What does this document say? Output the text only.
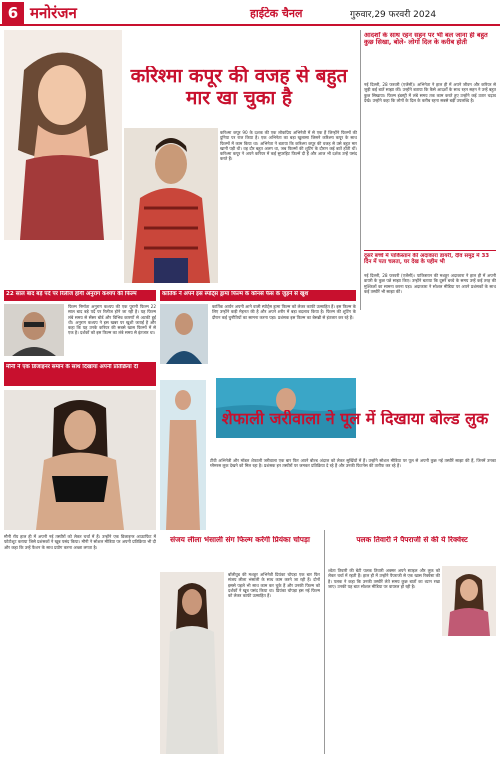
6 मनोरंजन	हाईटेक चैनल	गुरुवार,29 फरवरी 2024
करिश्मा कपूर की वजह से बहुत मार खा चुका है
करिश्मा कपूर 90 के दशक की एक लोकप्रिय अभिनेत्री में से एक हैं जिन्होंने फिल्मों की दुनिया पर राज किया है। एक अभिनेता का बड़ा खुलासा जिसने करिश्मा कपूर के साथ फिल्मों में काम किया था। अभिनेता ने बताया कि करिश्मा कपूर की वजह से उसे बहुत मार खानी पड़ी थी। वह दौर बहुत अलग था, जब फिल्मों की शूटिंग के दौरान कई बातें होती थीं। करिश्मा कपूर ने अपने करियर में कई सुपरहिट फिल्में दी हैं और आज भी दर्शक उन्हें पसंद करते हैं।
आदर्शों के साथ रहन सहन पर भी बल जाना ही बहुत कुछ सिखा, बोले- लोगों दिल के करीब होती
नई दिल्ली, 28 फरवरी (एजेंसी)। अभिनेता ने हाल ही में अपने जीवन और करियर से जुड़ी कई बातें साझा कीं। उन्होंने बताया कि कैसे आदर्शों के साथ रहन सहन ने उन्हें बहुत कुछ सिखाया। फिल्म इंडस्ट्री में लंबे समय तक काम करते हुए उन्होंने कई उतार चढ़ाव देखे। उन्होंने कहा कि लोगों के दिल के करीब रहना सबसे बड़ी उपलब्धि है।
दूसरे बच्चे में पाकिस्तान की अदाकारा डायरी, दीव समुद्र में 33 दिन में पता चलता, घर देख के पहीम भी
नई दिल्ली, 28 फरवरी (एजेंसी)। पाकिस्तान की मशहूर अदाकारा ने हाल ही में अपनी डायरी के कुछ पन्ने साझा किए। उन्होंने बताया कि दूसरे बच्चे के समय उन्हें कई तरह की मुश्किलों का सामना करना पड़ा। अदाकारा ने सोशल मीडिया पर अपने प्रशंसकों के साथ कई तस्वीरें भी साझा कीं।
22 साल बाद बड़े पर्दे पर रिलीज होगी अनुराग कश्यप की फिल्म
फिल्म निर्माता अनुराग कश्यप की एक पुरानी फिल्म 22 साल बाद बड़े पर्दे पर रिलीज होने जा रही है। यह फिल्म लंबे समय से सेंसर बोर्ड और विभिन्न कारणों से अटकी हुई थी। अनुराग कश्यप ने इस खबर पर खुशी जताई है और कहा कि यह उनके करियर की सबसे खास फिल्मों में से एक है। दर्शकों को इस फिल्म का लंबे समय से इंतजार था।
कार्तिक ने अपने इस स्पोर्ट्स ड्रामा फिल्म के कौनसे फैंस के जुड़ने से खुश
कार्तिक आर्यन अपनी आने वाली स्पोर्ट्स ड्रामा फिल्म को लेकर काफी उत्साहित हैं। इस फिल्म के लिए उन्होंने कड़ी मेहनत की है और अपने शरीर में बड़ा बदलाव किया है। फिल्म की शूटिंग के दौरान कई चुनौतियों का सामना करना पड़ा। प्रशंसक इस फिल्म का बेसब्री से इंतजार कर रहे हैं।
मौनी ने एक डिजाइनर समान के साथ दिखाया अपनी प्रतिक्रिया दी
मौनी रॉय हाल ही में अपनी नई तस्वीरों को लेकर चर्चा में हैं। उन्होंने एक डिजाइनर आउटफिट में फोटोशूट कराया जिसे प्रशंसकों ने खूब पसंद किया। मौनी ने सोशल मीडिया पर अपनी प्रतिक्रिया भी दी और कहा कि उन्हें फैशन के साथ प्रयोग करना अच्छा लगता है।
शेफाली जरीवाला ने पूल में दिखाया बोल्ड लुक
टीवी अभिनेत्री और मॉडल शेफाली जरीवाला एक बार फिर अपने बोल्ड अंदाज को लेकर सुर्खियों में हैं। उन्होंने सोशल मीडिया पर पूल से अपनी कुछ नई तस्वीरें साझा की हैं, जिनमें उनका ग्लैमरस लुक देखने को मिल रहा है। प्रशंसक इन तस्वीरों पर जमकर प्रतिक्रिया दे रहे हैं और उनकी फिटनेस की तारीफ कर रहे हैं।
संजय लीला भंसाली संग फिल्म करेंगी प्रियंका चोपड़ा
बॉलीवुड की मशहूर अभिनेत्री प्रियंका चोपड़ा एक बार फिर संजय लीला भंसाली के साथ काम करने जा रही हैं। दोनों इससे पहले भी साथ काम कर चुके हैं और उनकी फिल्म को दर्शकों ने खूब पसंद किया था। प्रियंका चोपड़ा इस नई फिल्म को लेकर काफी उत्साहित हैं।
पलक तिवारी ने पैपराजी से की ये रिक्वेस्ट
श्वेता तिवारी की बेटी पलक तिवारी अक्सर अपने स्टाइल और लुक को लेकर चर्चा में रहती हैं। हाल ही में उन्होंने पैपराजी से एक खास रिक्वेस्ट की है। पलक ने कहा कि उनकी तस्वीरें लेते समय कुछ बातों का ध्यान रखा जाए। उनकी यह बात सोशल मीडिया पर वायरल हो रही है।
